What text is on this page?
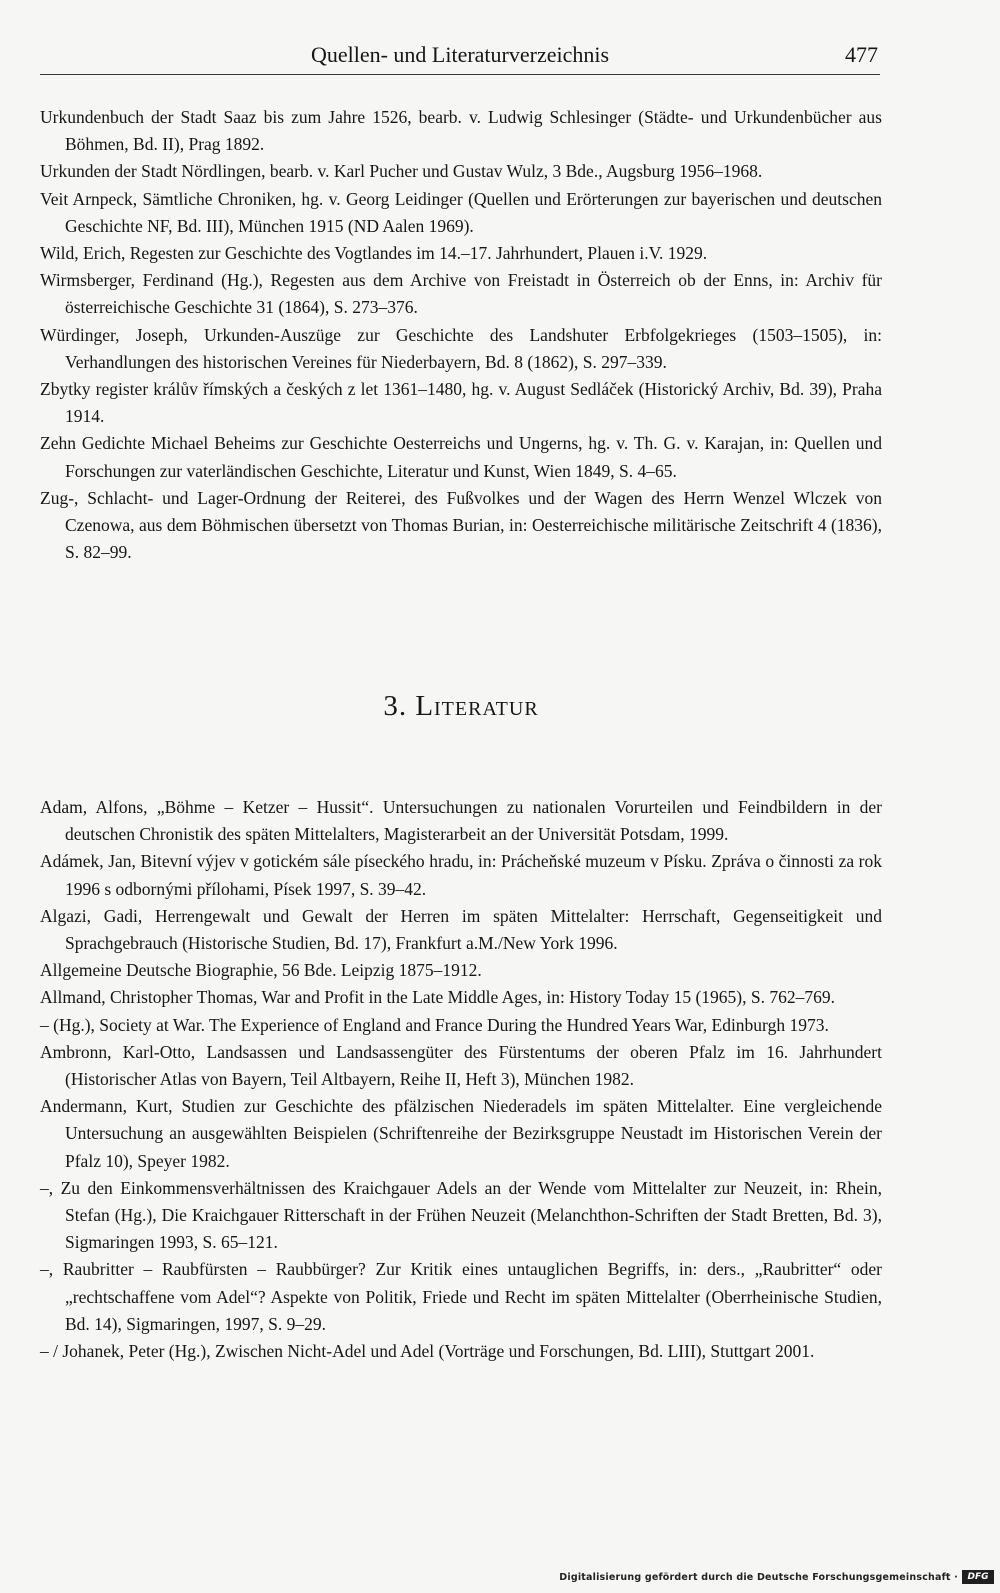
Quellen- und Literaturverzeichnis	477
Urkundenbuch der Stadt Saaz bis zum Jahre 1526, bearb. v. Ludwig Schlesinger (Städte- und Urkundenbücher aus Böhmen, Bd. II), Prag 1892.
Urkunden der Stadt Nördlingen, bearb. v. Karl Pucher und Gustav Wulz, 3 Bde., Augsburg 1956–1968.
Veit Arnpeck, Sämtliche Chroniken, hg. v. Georg Leidinger (Quellen und Erörterungen zur bayerischen und deutschen Geschichte NF, Bd. III), München 1915 (ND Aalen 1969).
Wild, Erich, Regesten zur Geschichte des Vogtlandes im 14.–17. Jahrhundert, Plauen i.V. 1929.
Wirmsberger, Ferdinand (Hg.), Regesten aus dem Archive von Freistadt in Österreich ob der Enns, in: Archiv für österreichische Geschichte 31 (1864), S. 273–376.
Würdinger, Joseph, Urkunden-Auszüge zur Geschichte des Landshuter Erbfolgekrieges (1503–1505), in: Verhandlungen des historischen Vereines für Niederbayern, Bd. 8 (1862), S. 297–339.
Zbytky register králův římských a českých z let 1361–1480, hg. v. August Sedláček (Historický Archiv, Bd. 39), Praha 1914.
Zehn Gedichte Michael Beheims zur Geschichte Oesterreichs und Ungerns, hg. v. Th. G. v. Karajan, in: Quellen und Forschungen zur vaterländischen Geschichte, Literatur und Kunst, Wien 1849, S. 4–65.
Zug-, Schlacht- und Lager-Ordnung der Reiterei, des Fußvolkes und der Wagen des Herrn Wenzel Wlczek von Czenowa, aus dem Böhmischen übersetzt von Thomas Burian, in: Oesterreichische militärische Zeitschrift 4 (1836), S. 82–99.
3. Literatur
Adam, Alfons, „Böhme – Ketzer – Hussit“. Untersuchungen zu nationalen Vorurteilen und Feindbildern in der deutschen Chronistik des späten Mittelalters, Magisterarbeit an der Universität Potsdam, 1999.
Adámek, Jan, Bitevní výjev v gotickém sále píseckého hradu, in: Prácheňské muzeum v Písku. Zpráva o činnosti za rok 1996 s odbornými přílohami, Písek 1997, S. 39–42.
Algazi, Gadi, Herrengewalt und Gewalt der Herren im späten Mittelalter: Herrschaft, Gegenseitigkeit und Sprachgebrauch (Historische Studien, Bd. 17), Frankfurt a.M./New York 1996.
Allgemeine Deutsche Biographie, 56 Bde. Leipzig 1875–1912.
Allmand, Christopher Thomas, War and Profit in the Late Middle Ages, in: History Today 15 (1965), S. 762–769.
– (Hg.), Society at War. The Experience of England and France During the Hundred Years War, Edinburgh 1973.
Ambronn, Karl-Otto, Landsassen und Landsassengüter des Fürstentums der oberen Pfalz im 16. Jahrhundert (Historischer Atlas von Bayern, Teil Altbayern, Reihe II, Heft 3), München 1982.
Andermann, Kurt, Studien zur Geschichte des pfälzischen Niederadels im späten Mittelalter. Eine vergleichende Untersuchung an ausgewählten Beispielen (Schriftenreihe der Bezirksgruppe Neustadt im Historischen Verein der Pfalz 10), Speyer 1982.
–, Zu den Einkommensverhältnissen des Kraichgauer Adels an der Wende vom Mittelalter zur Neuzeit, in: Rhein, Stefan (Hg.), Die Kraichgauer Ritterschaft in der Frühen Neuzeit (Melanchthon-Schriften der Stadt Bretten, Bd. 3), Sigmaringen 1993, S. 65–121.
–, Raubritter – Raubfürsten – Raubbürger? Zur Kritik eines untauglichen Begriffs, in: ders., „Raubritter“ oder „rechtschaffene vom Adel“? Aspekte von Politik, Friede und Recht im späten Mittelalter (Oberrheinische Studien, Bd. 14), Sigmaringen, 1997, S. 9–29.
– / Johanek, Peter (Hg.), Zwischen Nicht-Adel und Adel (Vorträge und Forschungen, Bd. LIII), Stuttgart 2001.
Digitalisierung gefördert durch die Deutsche Forschungsgemeinschaft ·	DFG
